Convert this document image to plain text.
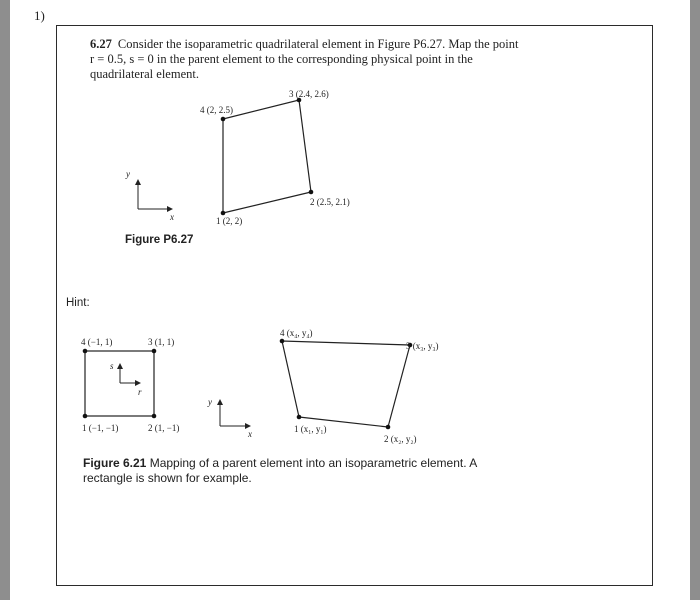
1)
6.27 Consider the isoparametric quadrilateral element in Figure P6.27. Map the point
r = 0.5, s = 0 in the parent element to the corresponding physical point in the
quadrilateral element.
1 (2, 2)
2 (2.5, 2.1)
3 (2.4, 2.6)
4 (2, 2.5)
y
x
1 (−1, −1)	2 (1, −1)
3 (1, 1)
4 (−1, 1)
s
r
y
x	1 (x₁, y₁)
2 (x₂, y₂)
3 (x₃, y₃)
4 (x₄, y₄)
Figure P6.27
Hint:
Figure 6.21 Mapping of a parent element into an isoparametric element. A rectangle is shown for example.
